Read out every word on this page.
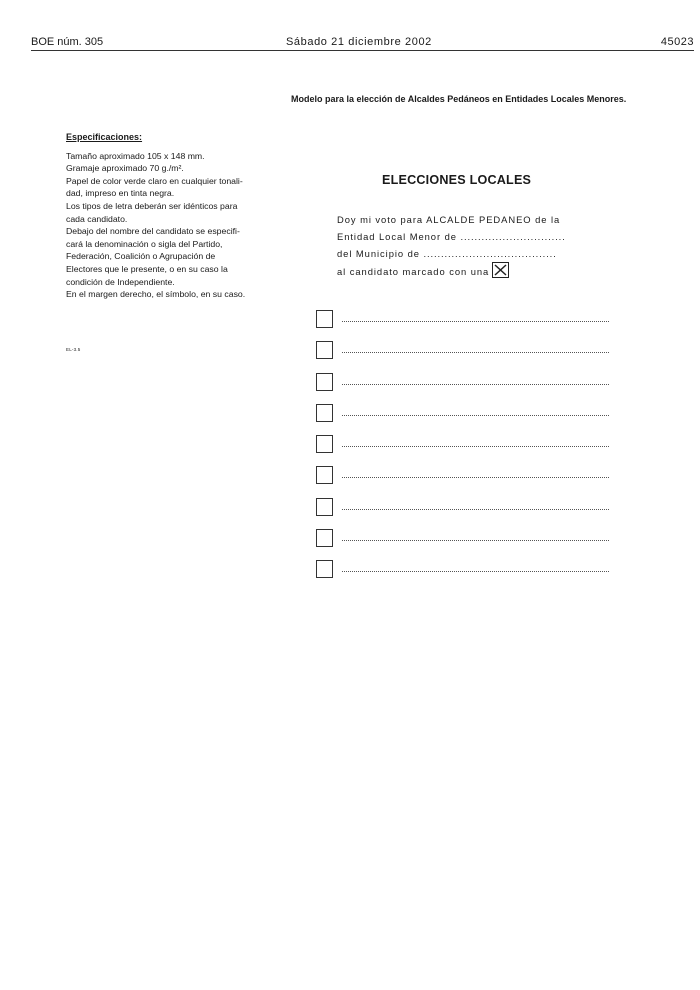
BOE núm. 305	Sábado 21 diciembre 2002	45023
Modelo para la elección de Alcaldes Pedáneos en Entidades Locales Menores.
Especificaciones:
Tamaño aproximado 105 x 148 mm.
Gramaje aproximado 70 g./m².
Papel de color verde claro en cualquier tonali-
dad, impreso en tinta negra.
Los tipos de letra deberán ser idénticos para
cada candidato.
Debajo del nombre del candidato se especifi-
cará la denominación o sigla del Partido,
Federación, Coalición o Agrupación de
Electores que le presente, o en su caso la
condición de Independiente.
En el margen derecho, el símbolo, en su caso.
EL-3.5
ELECCIONES LOCALES
Doy mi voto para ALCALDE PEDANEO de la
Entidad Local Menor de ..............................
del Municipio de ......................................
al candidato marcado con una
